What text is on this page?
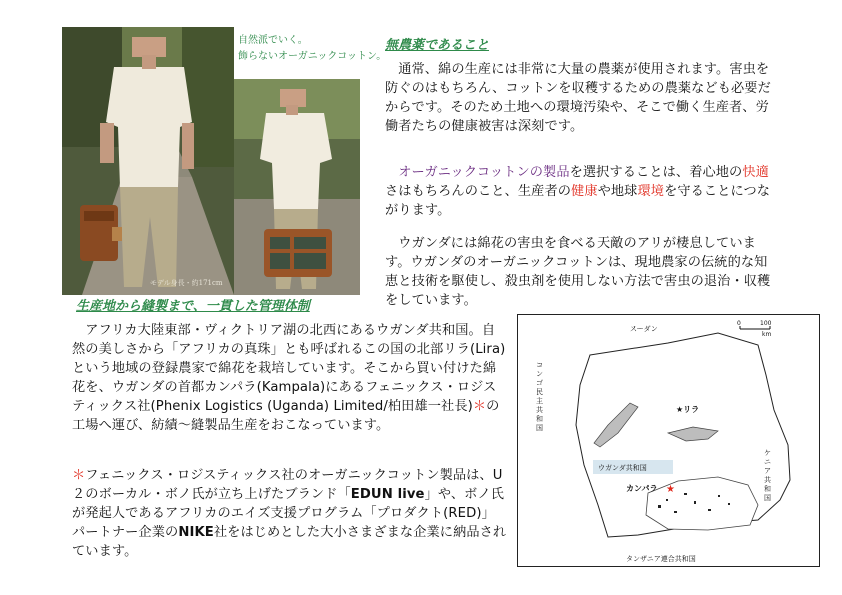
自然派でいく。
飾らないオーガニックコットン。
モデル身長・約171cm
無農薬であること

通常、綿の生産には非常に大量の農薬が使用されます。害虫を防ぐのはもちろん、コットンを収穫するための農薬なども必要だからです。そのため土地への環境汚染や、そこで働く生産者、労働者たちの健康被害は深刻です。

オーガニックコットンの製品を選択することは、着心地の快適さはもちろんのこと、生産者の健康や地球環境を守ることにつながります。

ウガンダには綿花の害虫を食べる天敵のアリが棲息しています。ウガンダのオーガニックコットンは、現地農家の伝統的な知恵と技術を駆使し、殺虫剤を使用しない方法で害虫の退治・収穫をしています。

生産地から縫製まで、一貫した管理体制

アフリカ大陸東部・ヴィクトリア湖の北西にあるウガンダ共和国。自然の美しさから「アフリカの真珠」とも呼ばれるこの国の北部リラ(Lira)という地域の登録農家で綿花を栽培しています。そこから買い付けた綿花を、ウガンダの首都カンパラ(Kampala)にあるフェニックス・ロジスティックス社(Phenix Logistics (Uganda) Limited/柏田雄一社長)＊の工場へ運び、紡績〜縫製品生産をおこなっています。

＊フェニックス・ロジスティックス社のオーガニックコットン製品は、U２のボーカル・ボノ氏が立ち上げたブランド「EDUN live」や、ボノ氏が発起人であるアフリカのエイズ支援プログラム「プロダクト(RED)」パートナー企業のNIKE社をはじめとした大小さまざまな企業に納品されています。

ウガンダ共和国
スーダン
コ
ン
ゴ
民
主
共
和
国
ケ
ニ
ア
共
和
国
タンザニア連合共和国
★リラ
カンパラ ★
0	100
km
